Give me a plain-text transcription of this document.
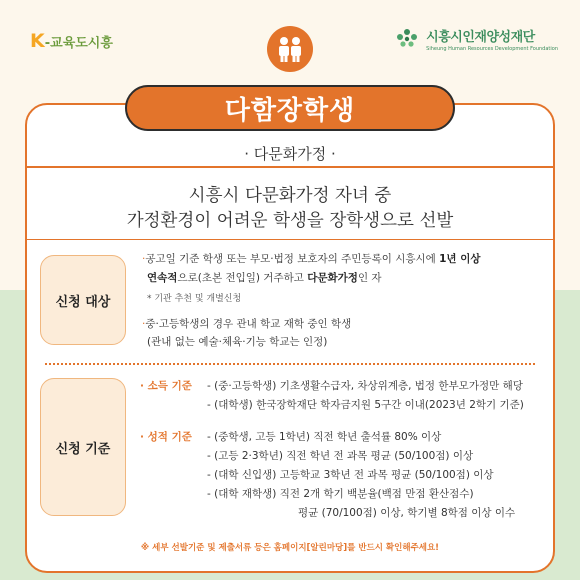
K-교육도시흥	시흥시인재양성재단
Siheung Human Resources Development Foundation
다함장학생
· 다문화가정 ·
시흥시 다문화가정 자녀 중
가정환경이 어려운 학생을 장학생으로 선발
신청 대상
·공고일 기준 학생 또는 부모·법정 보호자의 주민등록이 시흥시에 1년 이상
연속적으로(초본 전입일) 거주하고 다문화가정인 자
* 기관 추천 및 개별신청
·중·고등학생의 경우 관내 학교 재학 중인 학생
(관내 없는 예술·체육·기능 학교는 인정)
신청 기준
· 소득 기준 - (중·고등학생) 기초생활수급자, 차상위계층, 법정 한부모가정만 해당
- (대학생) 한국장학재단 학자금지원 5구간 이내(2023년 2학기 기준)
· 성적 기준 - (중학생, 고등 1학년) 직전 학년 출석률 80% 이상
- (고등 2·3학년) 직전 학년 전 과목 평균 (50/100점) 이상
- (대학 신입생) 고등학교 3학년 전 과목 평균 (50/100점) 이상
- (대학 재학생) 직전 2개 학기 백분율(백점 만점 환산점수)
평균 (70/100점) 이상, 학기별 8학점 이상 이수
※ 세부 선발기준 및 제출서류 등은 홈페이지[알린마당]를 반드시 확인해주세요!
